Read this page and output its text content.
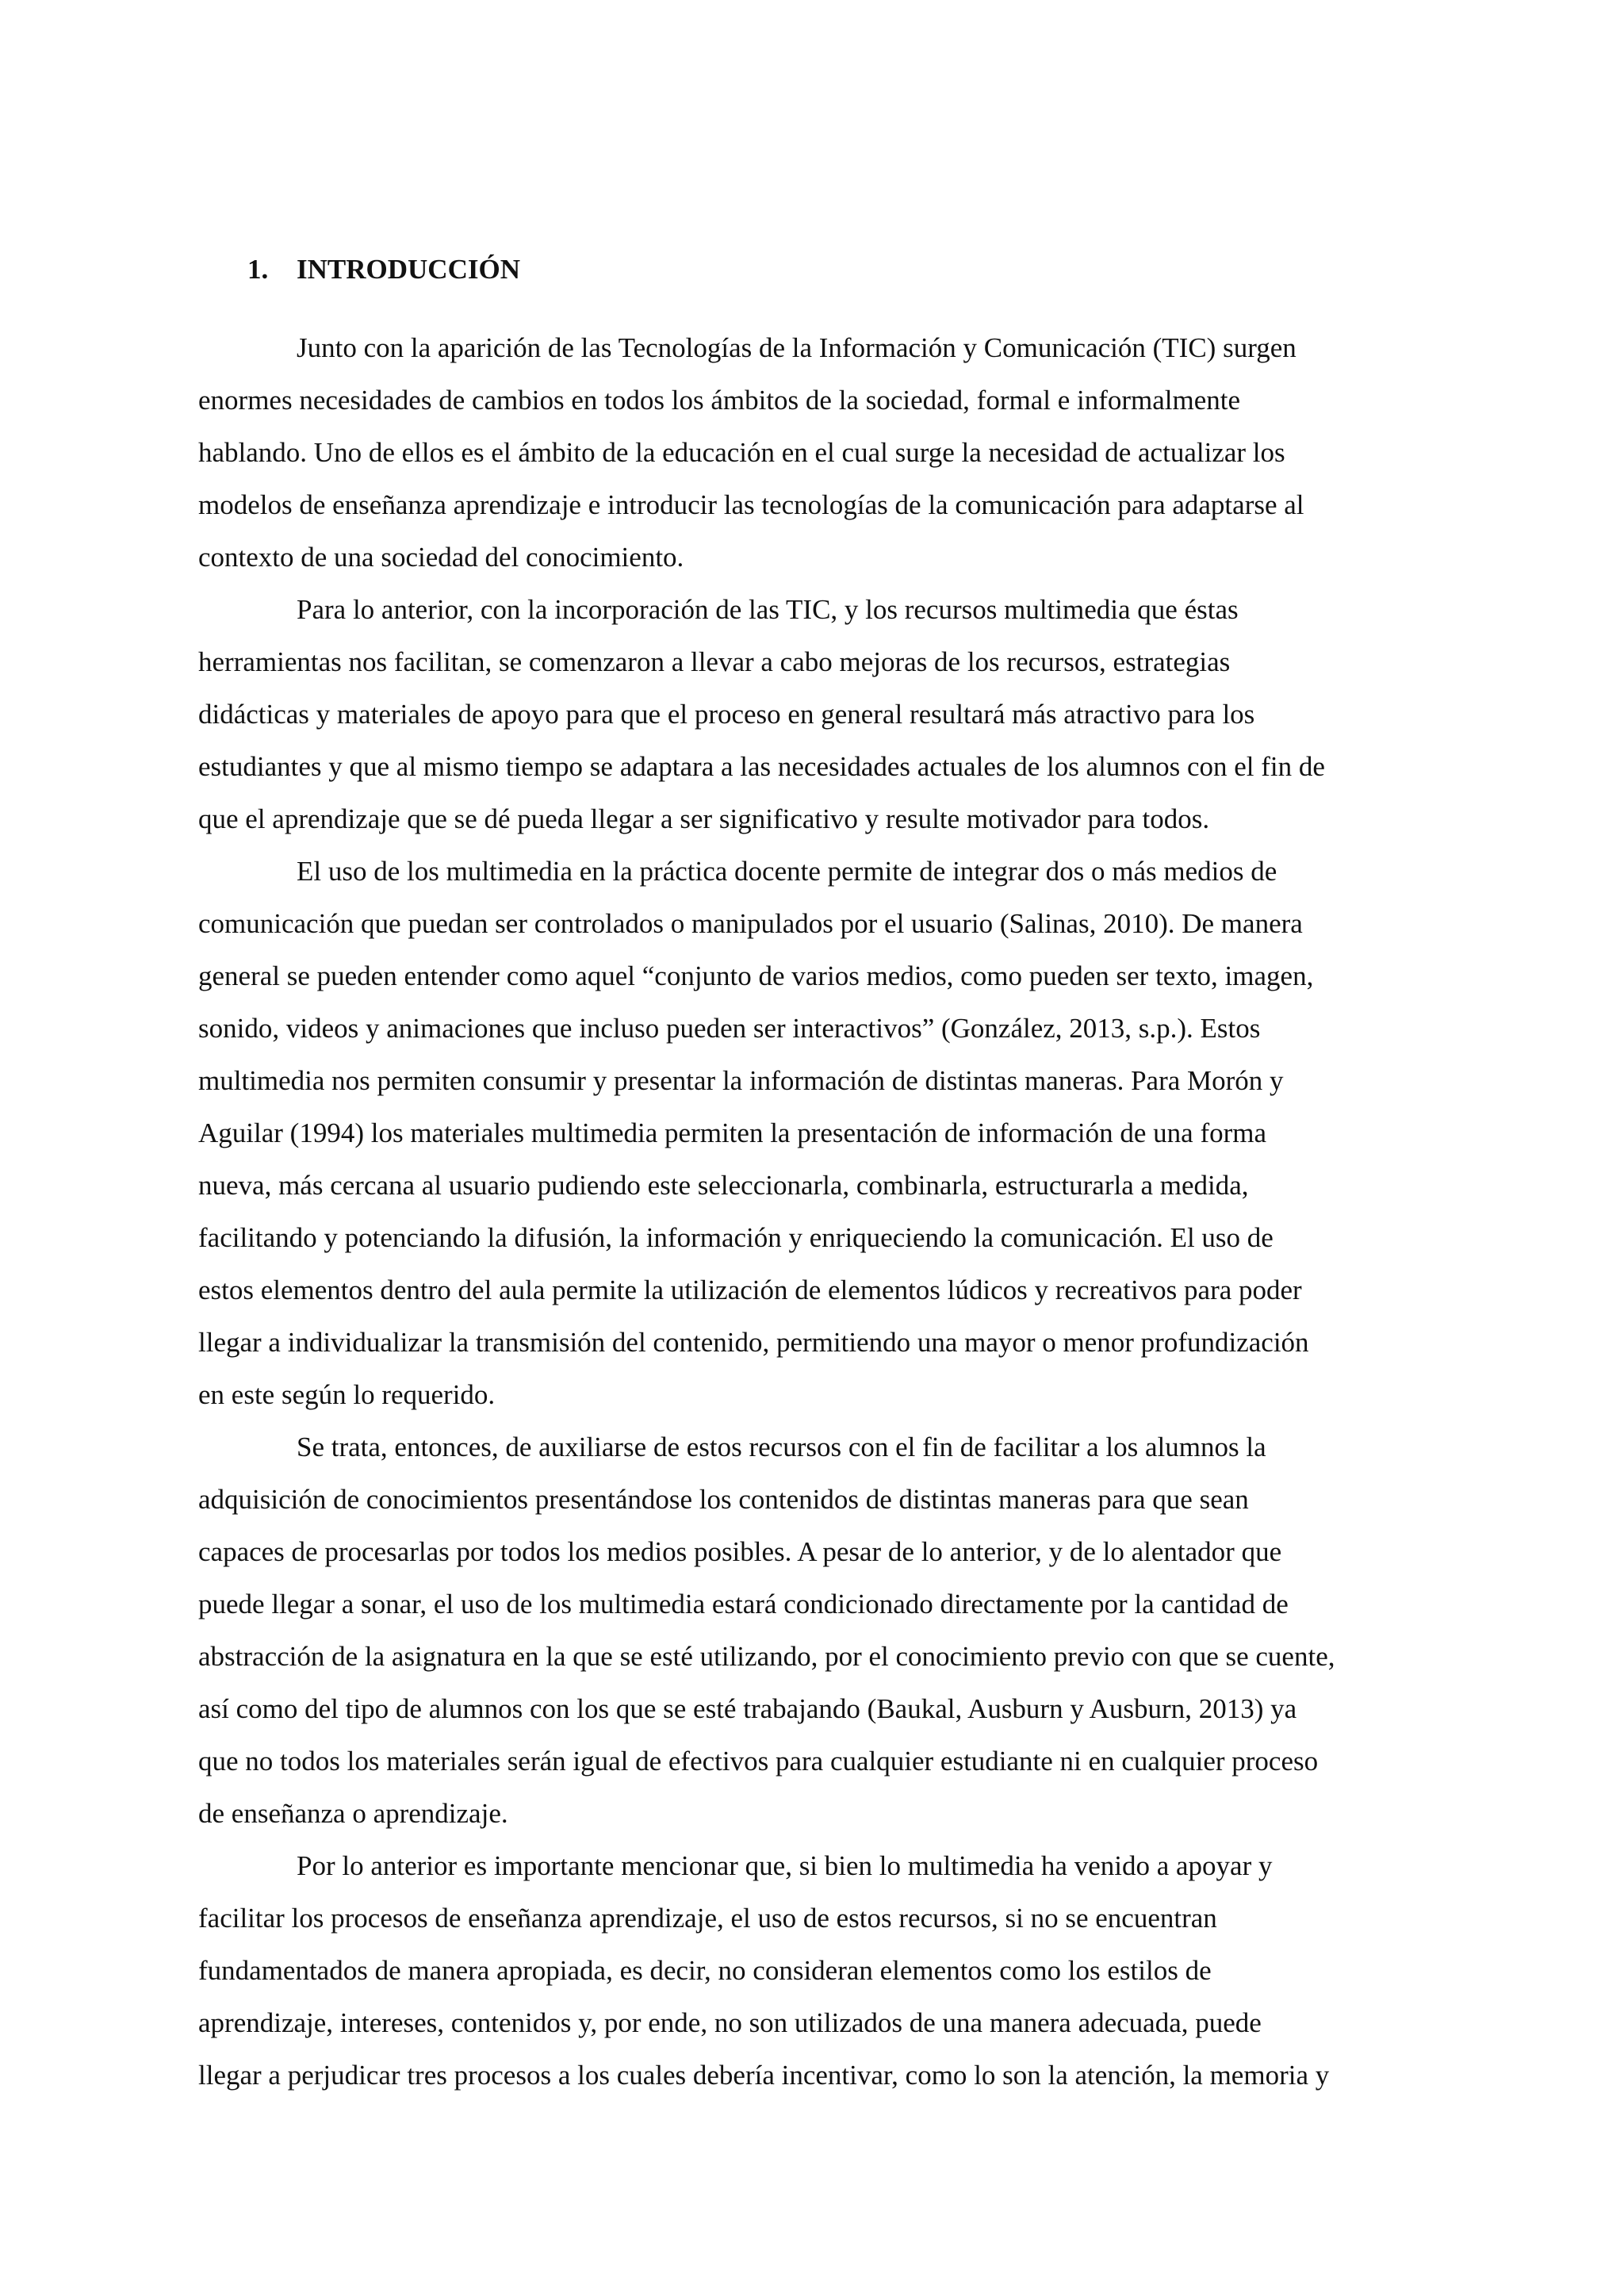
1. INTRODUCCIÓN
Junto con la aparición de las Tecnologías de la Información y Comunicación (TIC) surgen
enormes necesidades de cambios en todos los ámbitos de la sociedad, formal e informalmente
hablando. Uno de ellos es el ámbito de la educación en el cual surge la necesidad de actualizar los
modelos de enseñanza aprendizaje e introducir las tecnologías de la comunicación para adaptarse al
contexto de una sociedad del conocimiento.
Para lo anterior, con la incorporación de las TIC, y los recursos multimedia que éstas
herramientas nos facilitan, se comenzaron a llevar a cabo mejoras de los recursos, estrategias
didácticas y materiales de apoyo para que el proceso en general resultará más atractivo para los
estudiantes y que al mismo tiempo se adaptara a las necesidades actuales de los alumnos con el fin de
que el aprendizaje que se dé pueda llegar a ser significativo y resulte motivador para todos.
El uso de los multimedia en la práctica docente permite de integrar dos o más medios de
comunicación que puedan ser controlados o manipulados por el usuario (Salinas, 2010). De manera
general se pueden entender como aquel “conjunto de varios medios, como pueden ser texto, imagen,
sonido, videos y animaciones que incluso pueden ser interactivos” (González, 2013, s.p.). Estos
multimedia nos permiten consumir y presentar la información de distintas maneras. Para Morón y
Aguilar (1994) los materiales multimedia permiten la presentación de información de una forma
nueva, más cercana al usuario pudiendo este seleccionarla, combinarla, estructurarla a medida,
facilitando y potenciando la difusión, la información y enriqueciendo la comunicación. El uso de
estos elementos dentro del aula permite la utilización de elementos lúdicos y recreativos para poder
llegar a individualizar la transmisión del contenido, permitiendo una mayor o menor profundización
en este según lo requerido.
Se trata, entonces, de auxiliarse de estos recursos con el fin de facilitar a los alumnos la
adquisición de conocimientos presentándose los contenidos de distintas maneras para que sean
capaces de procesarlas por todos los medios posibles. A pesar de lo anterior, y de lo alentador que
puede llegar a sonar, el uso de los multimedia estará condicionado directamente por la cantidad de
abstracción de la asignatura en la que se esté utilizando, por el conocimiento previo con que se cuente,
así como del tipo de alumnos con los que se esté trabajando (Baukal, Ausburn y Ausburn, 2013) ya
que no todos los materiales serán igual de efectivos para cualquier estudiante ni en cualquier proceso
de enseñanza o aprendizaje.
Por lo anterior es importante mencionar que, si bien lo multimedia ha venido a apoyar y
facilitar los procesos de enseñanza aprendizaje, el uso de estos recursos, si no se encuentran
fundamentados de manera apropiada, es decir, no consideran elementos como los estilos de
aprendizaje, intereses, contenidos y, por ende, no son utilizados de una manera adecuada, puede
llegar a perjudicar tres procesos a los cuales debería incentivar, como lo son la atención, la memoria y
